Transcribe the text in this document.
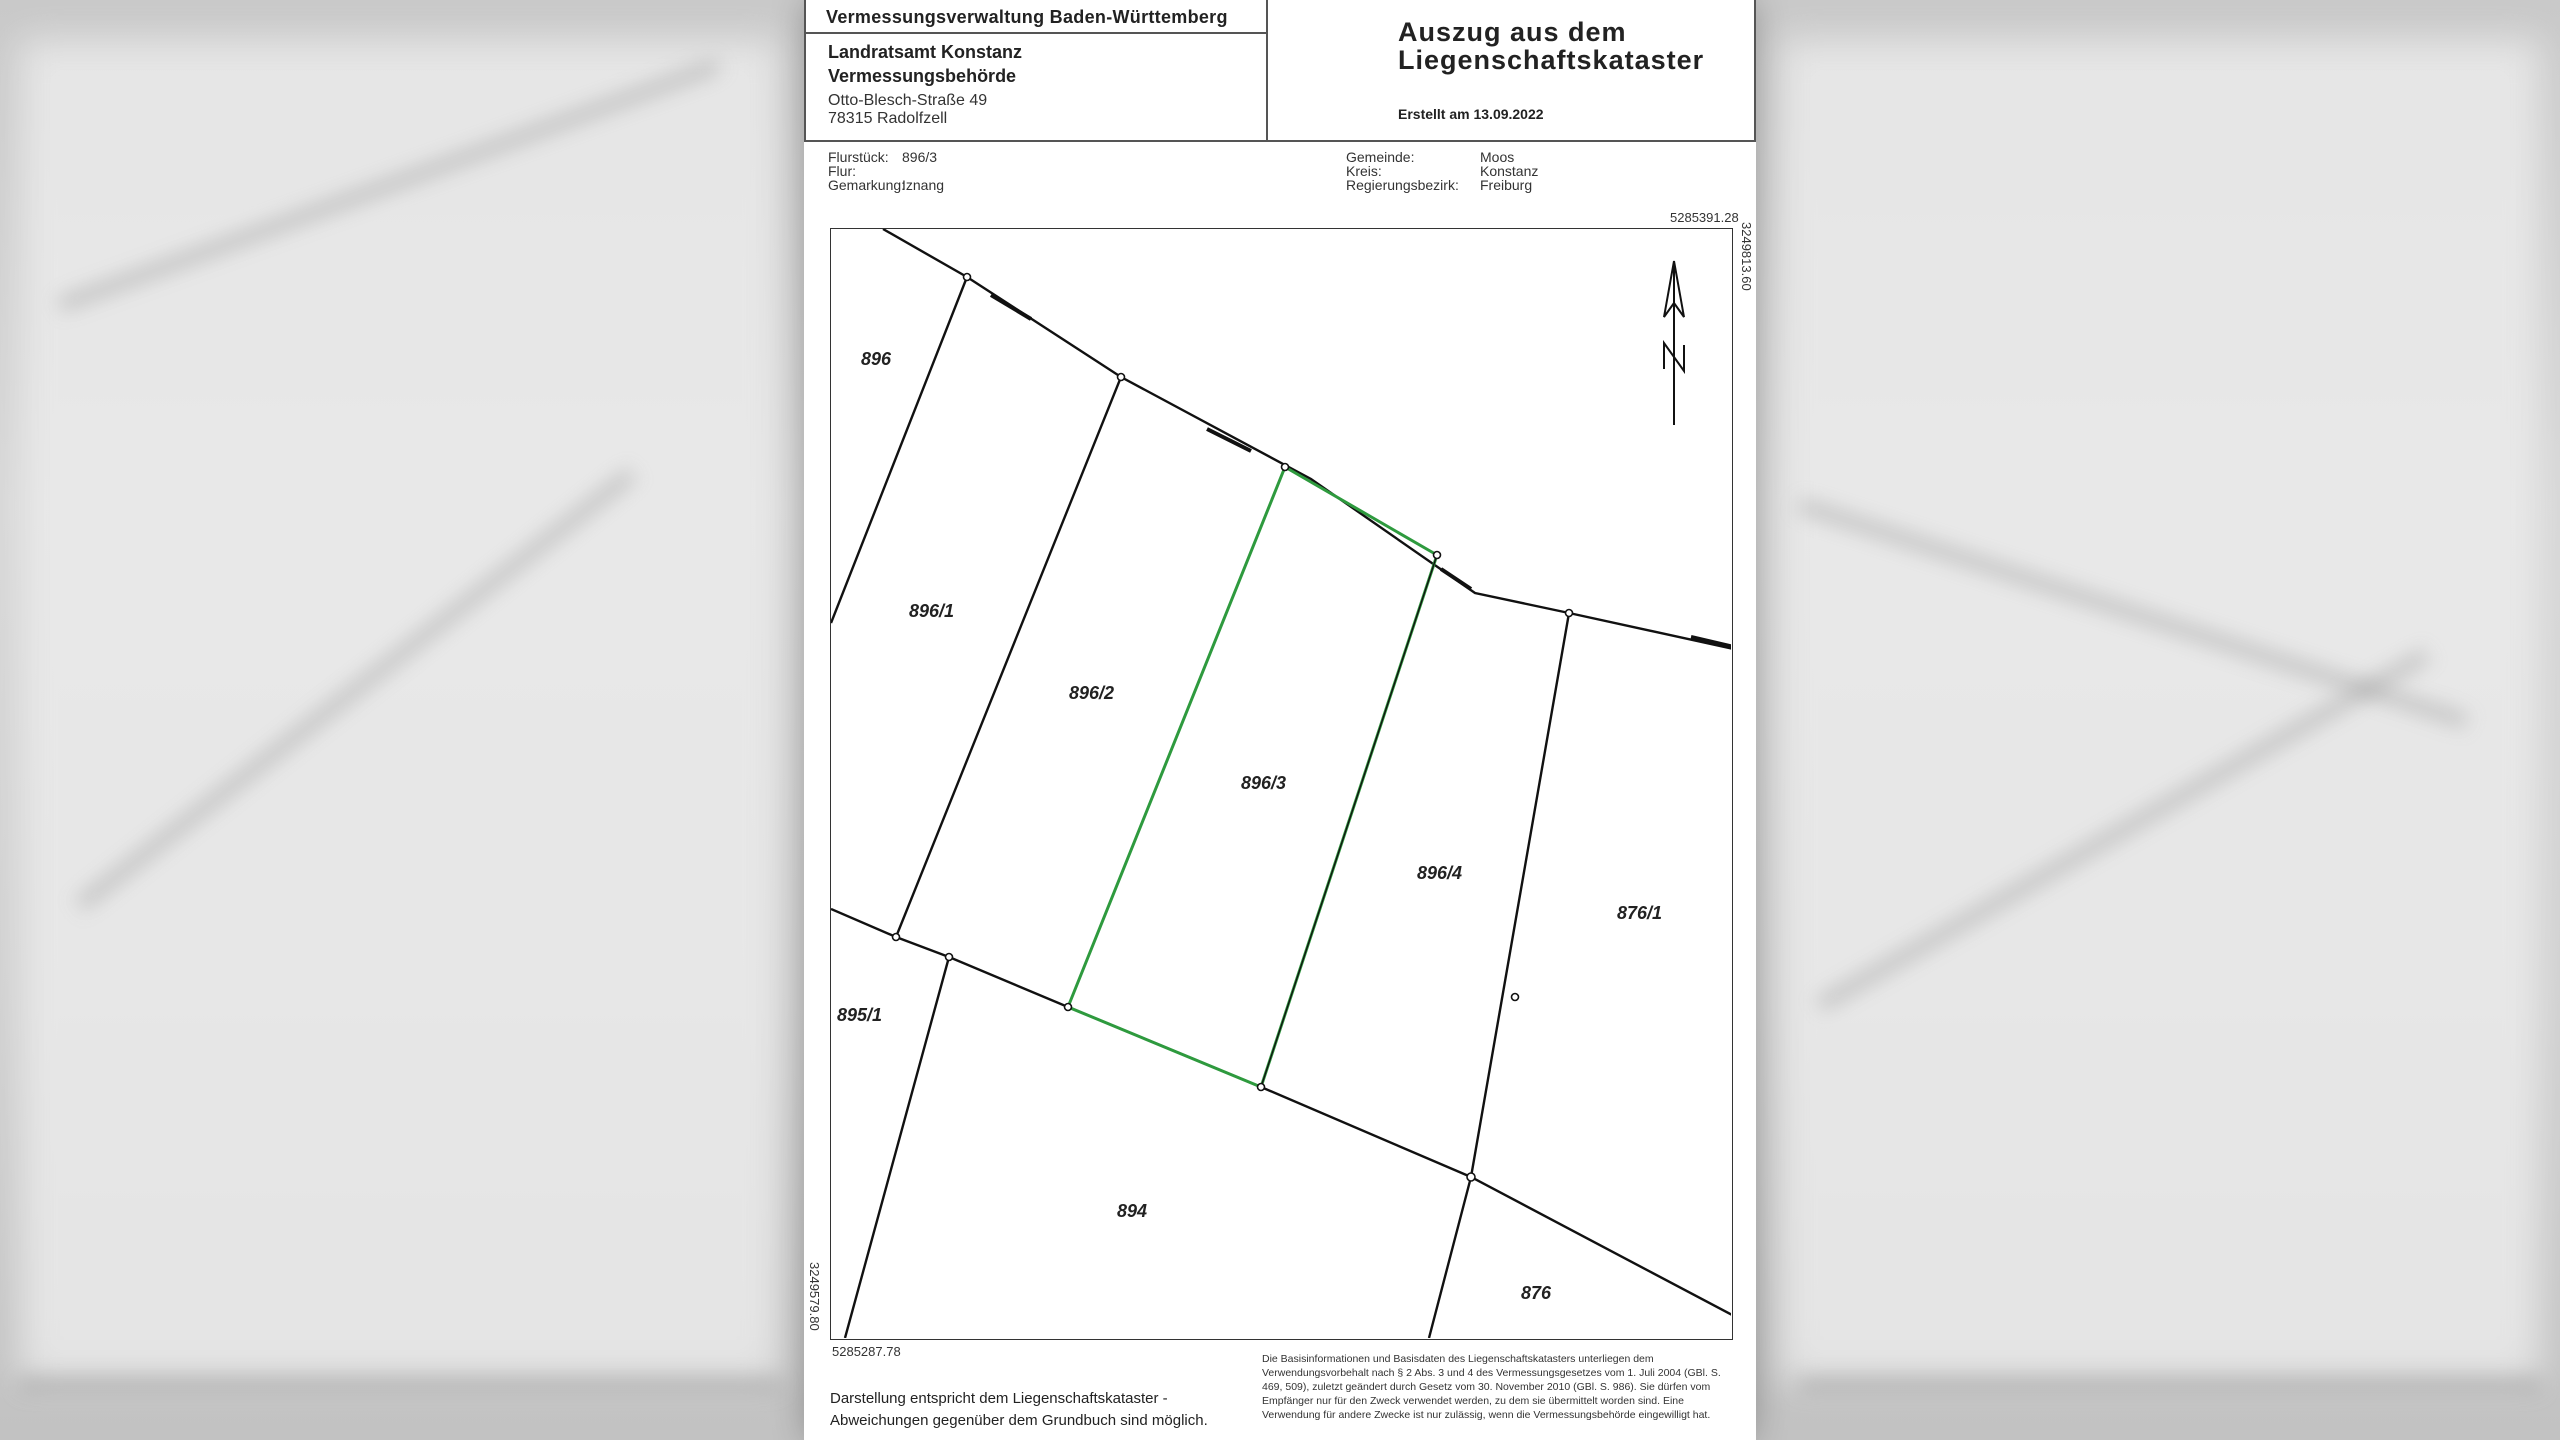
Vermessungsverwaltung Baden-Württemberg
Landratsamt Konstanz
Vermessungsbehörde
Otto-Blesch-Straße 49
78315 Radolfzell
Auszug aus dem
Liegenschaftskataster
Erstellt am 13.09.2022
Flurstück: 896/3
Flur:
Gemarkung:
Iznang
Gemeinde:	Moos
Kreis:	Konstanz
Regierungsbezirk:	Freiburg
5285391.28
3249813.60
3249579.80
5285287.78
896
896/1
896/2
896/3
896/4
876/1
895/1
894
876
Darstellung entspricht dem Liegenschaftskataster -
Abweichungen gegenüber dem Grundbuch sind möglich.
Die Basisinformationen und Basisdaten des Liegenschaftskatasters unterliegen dem Verwendungsvorbehalt nach § 2 Abs. 3 und 4 des Vermessungsgesetzes vom 1. Juli 2004 (GBl. S. 469, 509), zuletzt geändert durch Gesetz vom 30. November 2010 (GBl. S. 986). Sie dürfen vom Empfänger nur für den Zweck verwendet werden, zu dem sie übermittelt worden sind. Eine Verwendung für andere Zwecke ist nur zulässig, wenn die Vermessungsbehörde eingewilligt hat.
